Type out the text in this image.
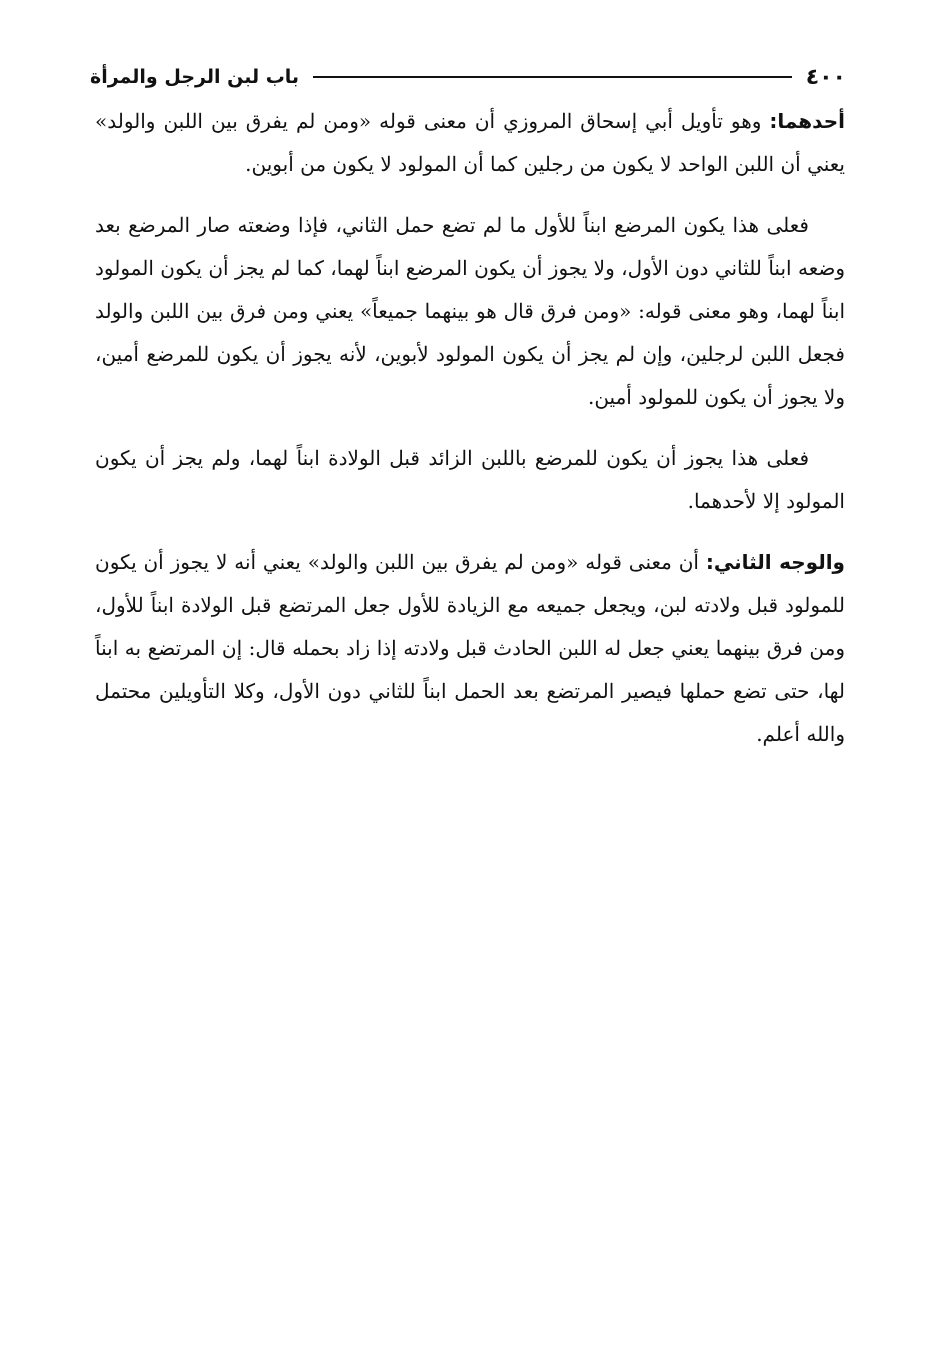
٤٠٠
باب لبن الرجل والمرأة

أحدهما: وهو تأويل أبي إسحاق المروزي أن معنى قوله «ومن لم يفرق بين اللبن والولد» يعني أن اللبن الواحد لا يكون من رجلين كما أن المولود لا يكون من أبوين.

فعلى هذا يكون المرضع ابناً للأول ما لم تضع حمل الثاني، فإذا وضعته صار المرضع بعد وضعه ابناً للثاني دون الأول، ولا يجوز أن يكون المرضع ابناً لهما، كما لم يجز أن يكون المولود ابناً لهما، وهو معنى قوله: «ومن فرق قال هو بينهما جميعاً» يعني ومن فرق بين اللبن والولد فجعل اللبن لرجلين، وإن لم يجز أن يكون المولود لأبوين، لأنه يجوز أن يكون للمرضع أمين، ولا يجوز أن يكون للمولود أمين.

فعلى هذا يجوز أن يكون للمرضع باللبن الزائد قبل الولادة ابناً لهما، ولم يجز أن يكون المولود إلا لأحدهما.

والوجه الثاني: أن معنى قوله «ومن لم يفرق بين اللبن والولد» يعني أنه لا يجوز أن يكون للمولود قبل ولادته لبن، ويجعل جميعه مع الزيادة للأول جعل المرتضع قبل الولادة ابناً للأول، ومن فرق بينهما يعني جعل له اللبن الحادث قبل ولادته إذا زاد بحمله قال: إن المرتضع به ابناً لها، حتى تضع حملها فيصير المرتضع بعد الحمل ابناً للثاني دون الأول، وكلا التأويلين محتمل والله أعلم.
